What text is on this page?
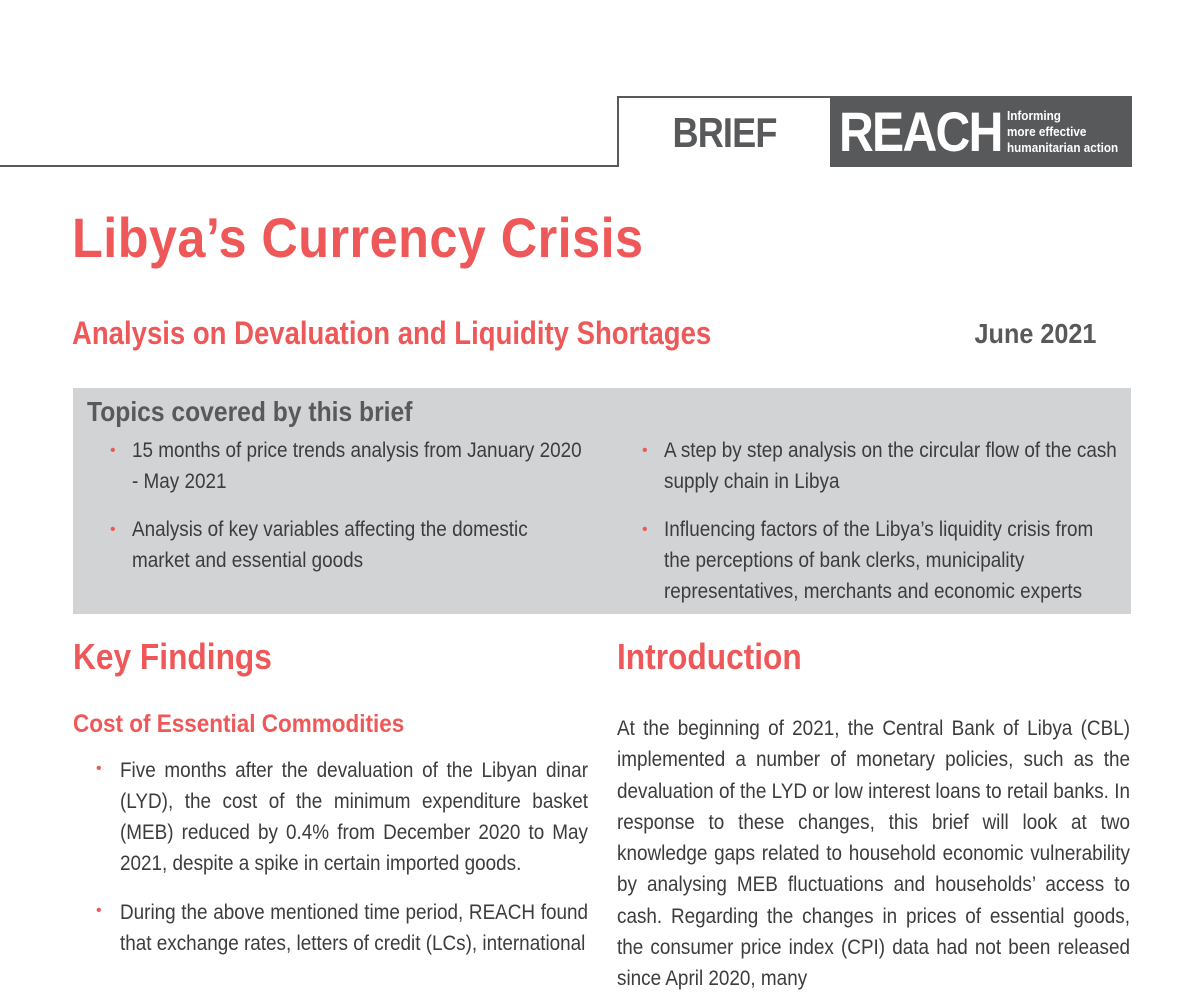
BRIEF REACH Informing
more effective
humanitarian action
Libya’s Currency Crisis
Analysis on Devaluation and Liquidity Shortages	June 2021
Topics covered by this brief
• 15 months of price trends analysis from January 2020 - May 2021
• Analysis of key variables affecting the domestic market and essential goods
• A step by step analysis on the circular flow of the cash supply chain in Libya
• Influencing factors of the Libya’s liquidity crisis from the perceptions of bank clerks, municipality representatives, merchants and economic experts
Key Findings
Cost of Essential Commodities
• Five months after the devaluation of the Libyan dinar (LYD), the cost of the minimum expenditure basket (MEB) reduced by 0.4% from December 2020 to May 2021, despite a spike in certain imported goods.

• During the above mentioned time period, REACH found that exchange rates, letters of credit (LCs), international

Introduction

At the beginning of 2021, the Central Bank of Libya (CBL) implemented a number of monetary policies, such as the devaluation of the LYD or low interest loans to retail banks. In response to these changes, this brief will look at two knowledge gaps related to household economic vulnerability by analysing MEB fluctuations and households’ access to cash. Regarding the changes in prices of essential goods, the consumer price index (CPI) data had not been released since April 2020, many
